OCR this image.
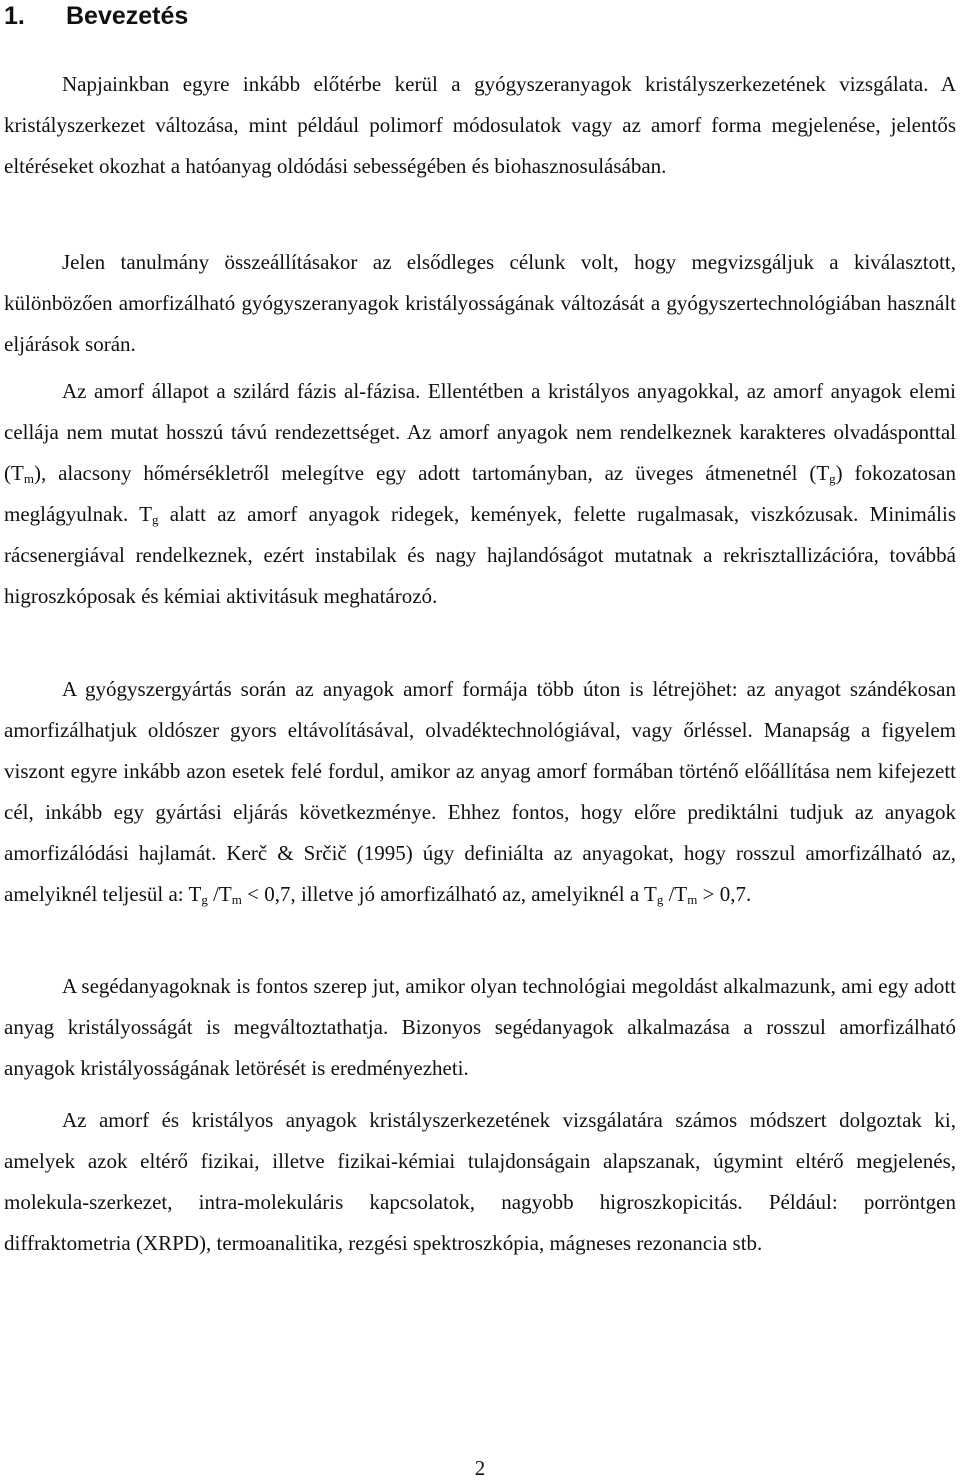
1. Bevezetés

Napjainkban egyre inkább előtérbe kerül a gyógyszeranyagok kristályszerkezetének vizsgálata. A kristályszerkezet változása, mint például polimorf módosulatok vagy az amorf forma megjelenése, jelentős eltéréseket okozhat a hatóanyag oldódási sebességében és biohasznosulásában.

Jelen tanulmány összeállításakor az elsődleges célunk volt, hogy megvizsgáljuk a kiválasztott, különbözően amorfizálható gyógyszeranyagok kristályosságának változását a gyógyszertechnológiában használt eljárások során.

Az amorf állapot a szilárd fázis al-fázisa. Ellentétben a kristályos anyagokkal, az amorf anyagok elemi cellája nem mutat hosszú távú rendezettséget. Az amorf anyagok nem rendelkeznek karakteres olvadásponttal $(T_m)$, alacsony hőmérsékletről melegítve egy adott tartományban, az üveges átmenetnél $(T_g)$ fokozatosan meglágyulnak. $T_g$ alatt az amorf anyagok ridegek, kemények, felette rugalmasak, viszkózusak. Minimális rácsenergiával rendelkeznek, ezért instabilak és nagy hajlandóságot mutatnak a rekrisztallizációra, továbbá higroszkóposak és kémiai aktivitásuk meghatározó.

A gyógyszergyártás során az anyagok amorf formája több úton is létrejöhet: az anyagot szándékosan amorfizálhatjuk oldószer gyors eltávolításával, olvadéktechnológiával, vagy őrléssel. Manapság a figyelem viszont egyre inkább azon esetek felé fordul, amikor az anyag amorf formában történő előállítása nem kifejezett cél, inkább egy gyártási eljárás következménye. Ehhez fontos, hogy előre prediktálni tudjuk az anyagok amorfizálódási hajlamát. Kerč & Srčič (1995) úgy definiálta az anyagokat, hogy rosszul amorfizálható az, amelyiknél teljesül a: $T_g$ $/T_m < 0,7$, illetve jó amorfizálható az, amelyiknél a $T_g$ $/T_m > 0,7$.

A segédanyagoknak is fontos szerep jut, amikor olyan technológiai megoldást alkalmazunk, ami egy adott anyag kristályosságát is megváltoztathatja. Bizonyos segédanyagok alkalmazása a rosszul amorfizálható anyagok kristályosságának letörését is eredményezheti.

Az amorf és kristályos anyagok kristályszerkezetének vizsgálatára számos módszert dolgoztak ki, amelyek azok eltérő fizikai, illetve fizikai-kémiai tulajdonságain alapszanak, úgymint eltérő megjelenés, molekula-szerkezet, intra-molekuláris kapcsolatok, nagyobb higroszkopicitás. Például: porröntgen diffraktometria (XRPD), termoanalitika, rezgési spektroszkópia, mágneses rezonancia stb.

2
